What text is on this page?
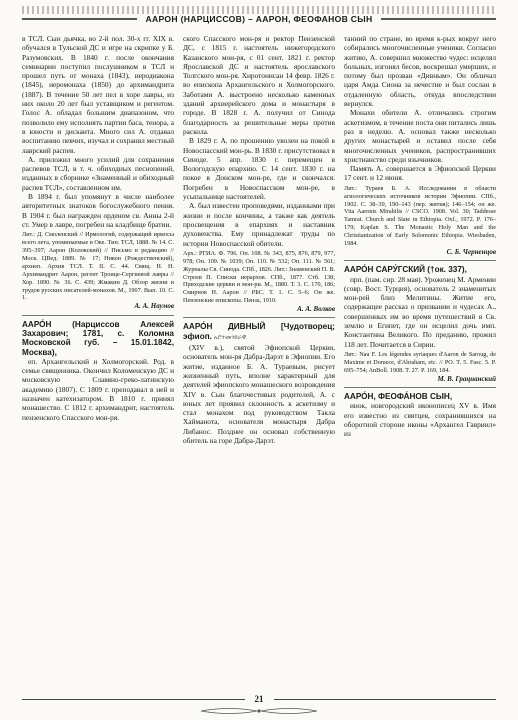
ААРОН (НАРЦИССОВ) – ААРОН, ФЕОФАНОВ СЫН

в ТСЛ. Сын дьячка, во 2-й пол. 30-х гг. XIX в. обучался в Тульской ДС и игре на скрипке у Б. Разумовских. В 1840 г. после окончания семинарии поступил послушником в ТСЛ и прошел путь от монаха (1843), иеродиакона (1845), иеромонаха (1850) до архимандрита (1887). В течение 50 лет пел в хоре лавры, из них около 20 лет был уставщиком и регентом. Голос А. обладал большим диапазоном, что позволило ему исполнять партии баса, тенора, а в юности и дисканта. Много сил А. отдавал воспитанию певчих, изучал и сохранял местный лаврский распев.

А. приложил много усилий для сохранения распевов ТСЛ, в т. ч. обиходных песнопений, изданных в сборнике «Знаменный и обиходный распев ТСЛ», составленном им.

В 1894 г. был упомянут в числе наиболее авторитетных знатоков богослужебного пения. В 1904 г. был награжден орденом св. Анны 2-й ст. Умер в лавре, погребен на кладбище братии.

Лит.: Д. Смоленский // Ирмологий, содержащий ирмосы всего лета, упоминаемые в Оке. Тип. ТСЛ, 1888. № 14. С. 395–397; Аарон (Колокский) // Письмо в редакцию // Моск. ЦВед. 1889. № 17; Никон (Рождественский), архиеп. Архив ТСЛ. Т. II. С. 44. Свящ. Н. Н. Архимандрит Аарон, регент Троице-Сергиевой лавры // Хор. 1890. № 36. С. 439; Жмакин Д. Обзор жизни и трудов русских писателей-монахов. М., 1907. Вып. 10. С. 1.

А. А. Наумов

ААРО́Н (Нарциссов Алексей Захарович; 1781, с. Коломна Московской губ. – 15.01.1842, Москва),

еп. Архангельский и Холмогорский. Род. в семье священника. Окончил Коломенскую ДС и московскую Славяно-греко-латинскую академию (1807). С 1809 г. преподавал в ней и назначен катехизатором. В 1810 г. принял монашество. С 1812 г. архимандрит, настоятель пензенского Спасского мон-ря.

ского Спасского мон-ря и ректор Пензенской ДС, с 1815 г. настоятель нижегородского Казанского мон-ря, с 01 сент. 1821 г. ректор Ярославской ДС и настоятель ярославского Толгского мон-ря. Хиротонисан 14 февр. 1826 г. во епископа Архангельского и Холмогорского. Заботами А. выстроено несколько каменных зданий архиерейского дома и монастыря в городе. В 1828 г. А. получил от Синода благодарность за решительные меры против раскола.

В 1829 г. А. по прошению уволен на покой в Новоспасский мон-рь. В 1830 г. присутствовал в Синоде. 5 апр. 1830 г. перемещен в Вологодскую епархию. С 14 сент. 1830 г. на покое в Донском мон-ре, где и скончался. Погребен в Новоспасском мон-ре, в усыпальнице настоятелей.

А. был известен проповедями, изданными при жизни и после кончины, а также как деятель просвещения в епархиях и наставник духовенства. Ему принадлежат труды по истории Новоспасской обители.

Арх.: РГИА. Ф. 796. Оп. 108. № 343, 875, 876, 879, 977, 978; Оп. 109. № 1039; Оп. 110. № 532; Оп. 111. № 561; Журналы Св. Синода. СПб., 1826. Лит.: Знаменский П. В. Строев П. Списки иерархов. СПб., 1877. Стб. 138; Приходские церкви и мон-ри. М., 1880. Т. 3. С. 170, 186; Смирнов Н. Аарон // РБС. Т. 1. С. 5–6; Он же. Пензенские епископы. Пенза, 1910.

А. А. Волков

ААРО́Н ДИВНЫЙ [Чудотворец; эфиоп. አሮን፡መንክራዊ

(XIV в.), святой Эфиопской Церкви, основатель мон-ря Дабра-Дарэт в Эфиопии. Его житие, изданное Б. А. Тураевым, рисует жизненный путь, вполне характерный для деятелей эфиопского монашеского возрождения XIV в. Сын благочестивых родителей, А. с юных лет проявил склонность к аскетизму и стал монахом под руководством Такла Хайманота, основателя монастыря Дабра Либанос. Позднее он основал собственную обитель на горе Дабра-Дарэт.

танний по стране, во время к-рых вокруг него собирались многочисленные ученики. Согласно житию, А. совершил множество чудес: исцелял больных, изгонял бесов, воскрешал умерших, и потому был прозван «Дивным». Он обличал царя Амда Сиона за нечестие и был сослан в отдаленную область, откуда впоследствии вернулся.

Монахи обители А. отличались строгим аскетизмом, в течение поста они питались лишь раз в неделю. А. основал также несколько других монастырей и оставил после себя многочисленных учеников, распространивших христианство среди язычников.

Память А. совершается в Эфиопской Церкви 17 сент. и 12 июня.

Лит.: Тураев Б. А. Исследования в области агиологических источников истории Эфиопии. СПб., 1902. С. 38–39, 190–143 (пер. жития); 146–154; он же. Vita Aaronis Mirabilis // CSCO. 1908. Vol. 30; Taddesse Tamrat. Church and State in Ethiopia. Oxf., 1972. P. 176–179; Kaplan S. The Monastic Holy Man and the Christianization of Early Solomonic Ethiopia. Wiesbaden, 1984.

С. Б. Черненцов

ААРО́Н САРУ́ГСКИЙ (†ок. 337),

прп. (пам. сир. 28 мая). Уроженец М. Армении (совр. Вост. Турция), основатель 2 знаменитых мон-рей близ Мелитины. Житие его, содержащее рассказ о призвании и чудесах А., совершенных им во время путешествий в Св. землю и Египет, где он исцелил дочь имп. Константина Великого. По преданию, прожил 118 лет. Почитается в Сирии.

Лит.: Nau F. Les légendes syriaques d'Aaron de Saroug, de Maxime et Domece, d'Abraham, etc. // PO. T. 5. Fasc. 5. P. 695–754; AnBoll. 1908. T. 27. P. 169, 184.

М. В. Грацианский

ААРО́Н, ФЕОФА́НОВ СЫН,

инок, новгородский иконописец XV в. Имя его известно из святцев, сохранившихся на оборотной стороне иконы «Архангел Гавриил» из

21
